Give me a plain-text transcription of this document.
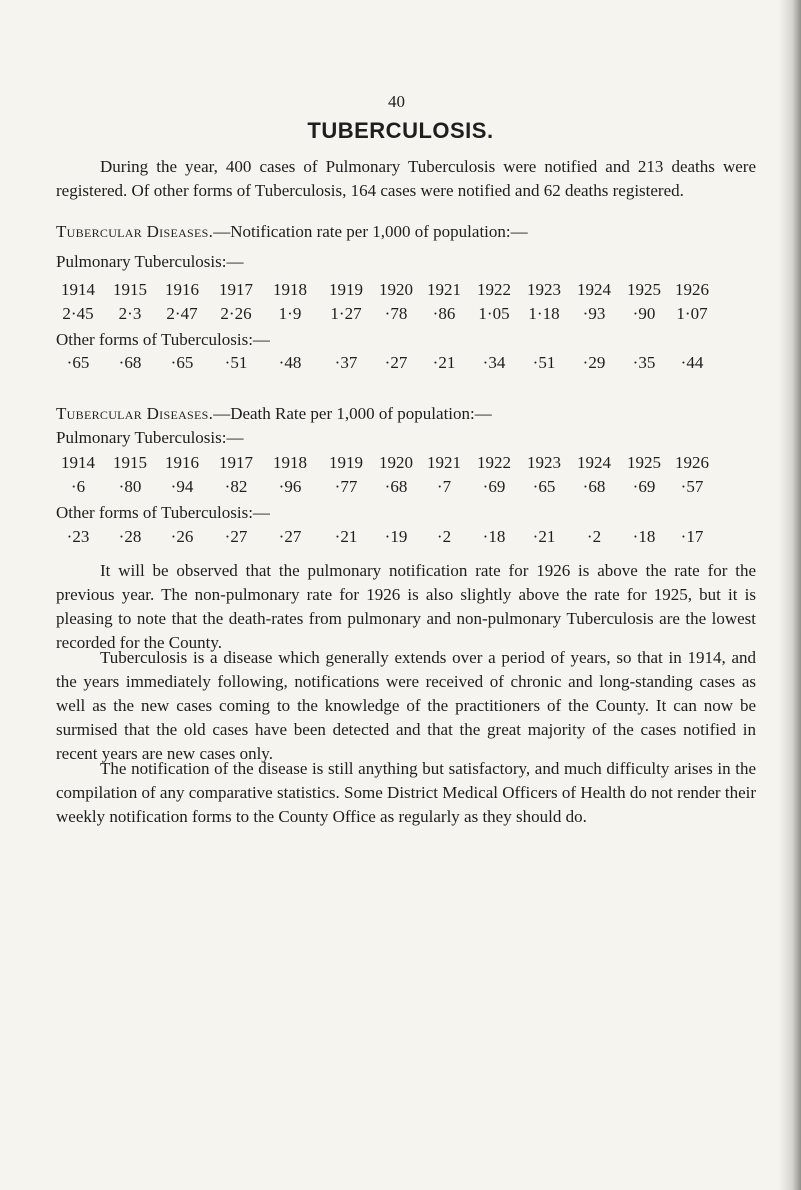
40
TUBERCULOSIS.
During the year, 400 cases of Pulmonary Tuberculosis were notified and 213 deaths were registered. Of other forms of Tuberculosis, 164 cases were notified and 62 deaths registered.
Tubercular Diseases.—Notification rate per 1,000 of population:—
Pulmonary Tuberculosis:—
1914	1915	1916	1917	1918	1919 1920 1921 1922 1923 1924 1925 1926
2·45	2·3	2·47	2·26	1·9	1·27	·78	·86	1·05	1·18	·93	·90	1·07
Other forms of Tuberculosis:—
·65	·68	·65	·51	·48	·37	·27	·21	·34	·51	·29	·35	·44
Tubercular Diseases.—Death Rate per 1,000 of population:—
Pulmonary Tuberculosis:—
1914	1915	1916	1917	1918	1919 1920 1921 1922 1923 1924 1925 1926
·6	·80	·94	·82	·96	·77	·68	·7	·69	·65	·68	·69	·57
Other forms of Tuberculosis:—
·23	·28	·26	·27	·27	·21	·19	·2	·18	·21	·2	·18	·17
It will be observed that the pulmonary notification rate for 1926 is above the rate for the previous year. The non-pulmonary rate for 1926 is also slightly above the rate for 1925, but it is pleasing to note that the death-rates from pulmonary and non-pulmonary Tuberculosis are the lowest recorded for the County.
Tuberculosis is a disease which generally extends over a period of years, so that in 1914, and the years immediately following, notifications were received of chronic and long-standing cases as well as the new cases coming to the knowledge of the practitioners of the County. It can now be surmised that the old cases have been detected and that the great majority of the cases notified in recent years are new cases only.
The notification of the disease is still anything but satisfactory, and much difficulty arises in the compilation of any comparative statistics. Some District Medical Officers of Health do not render their weekly notification forms to the County Office as regularly as they should do.
